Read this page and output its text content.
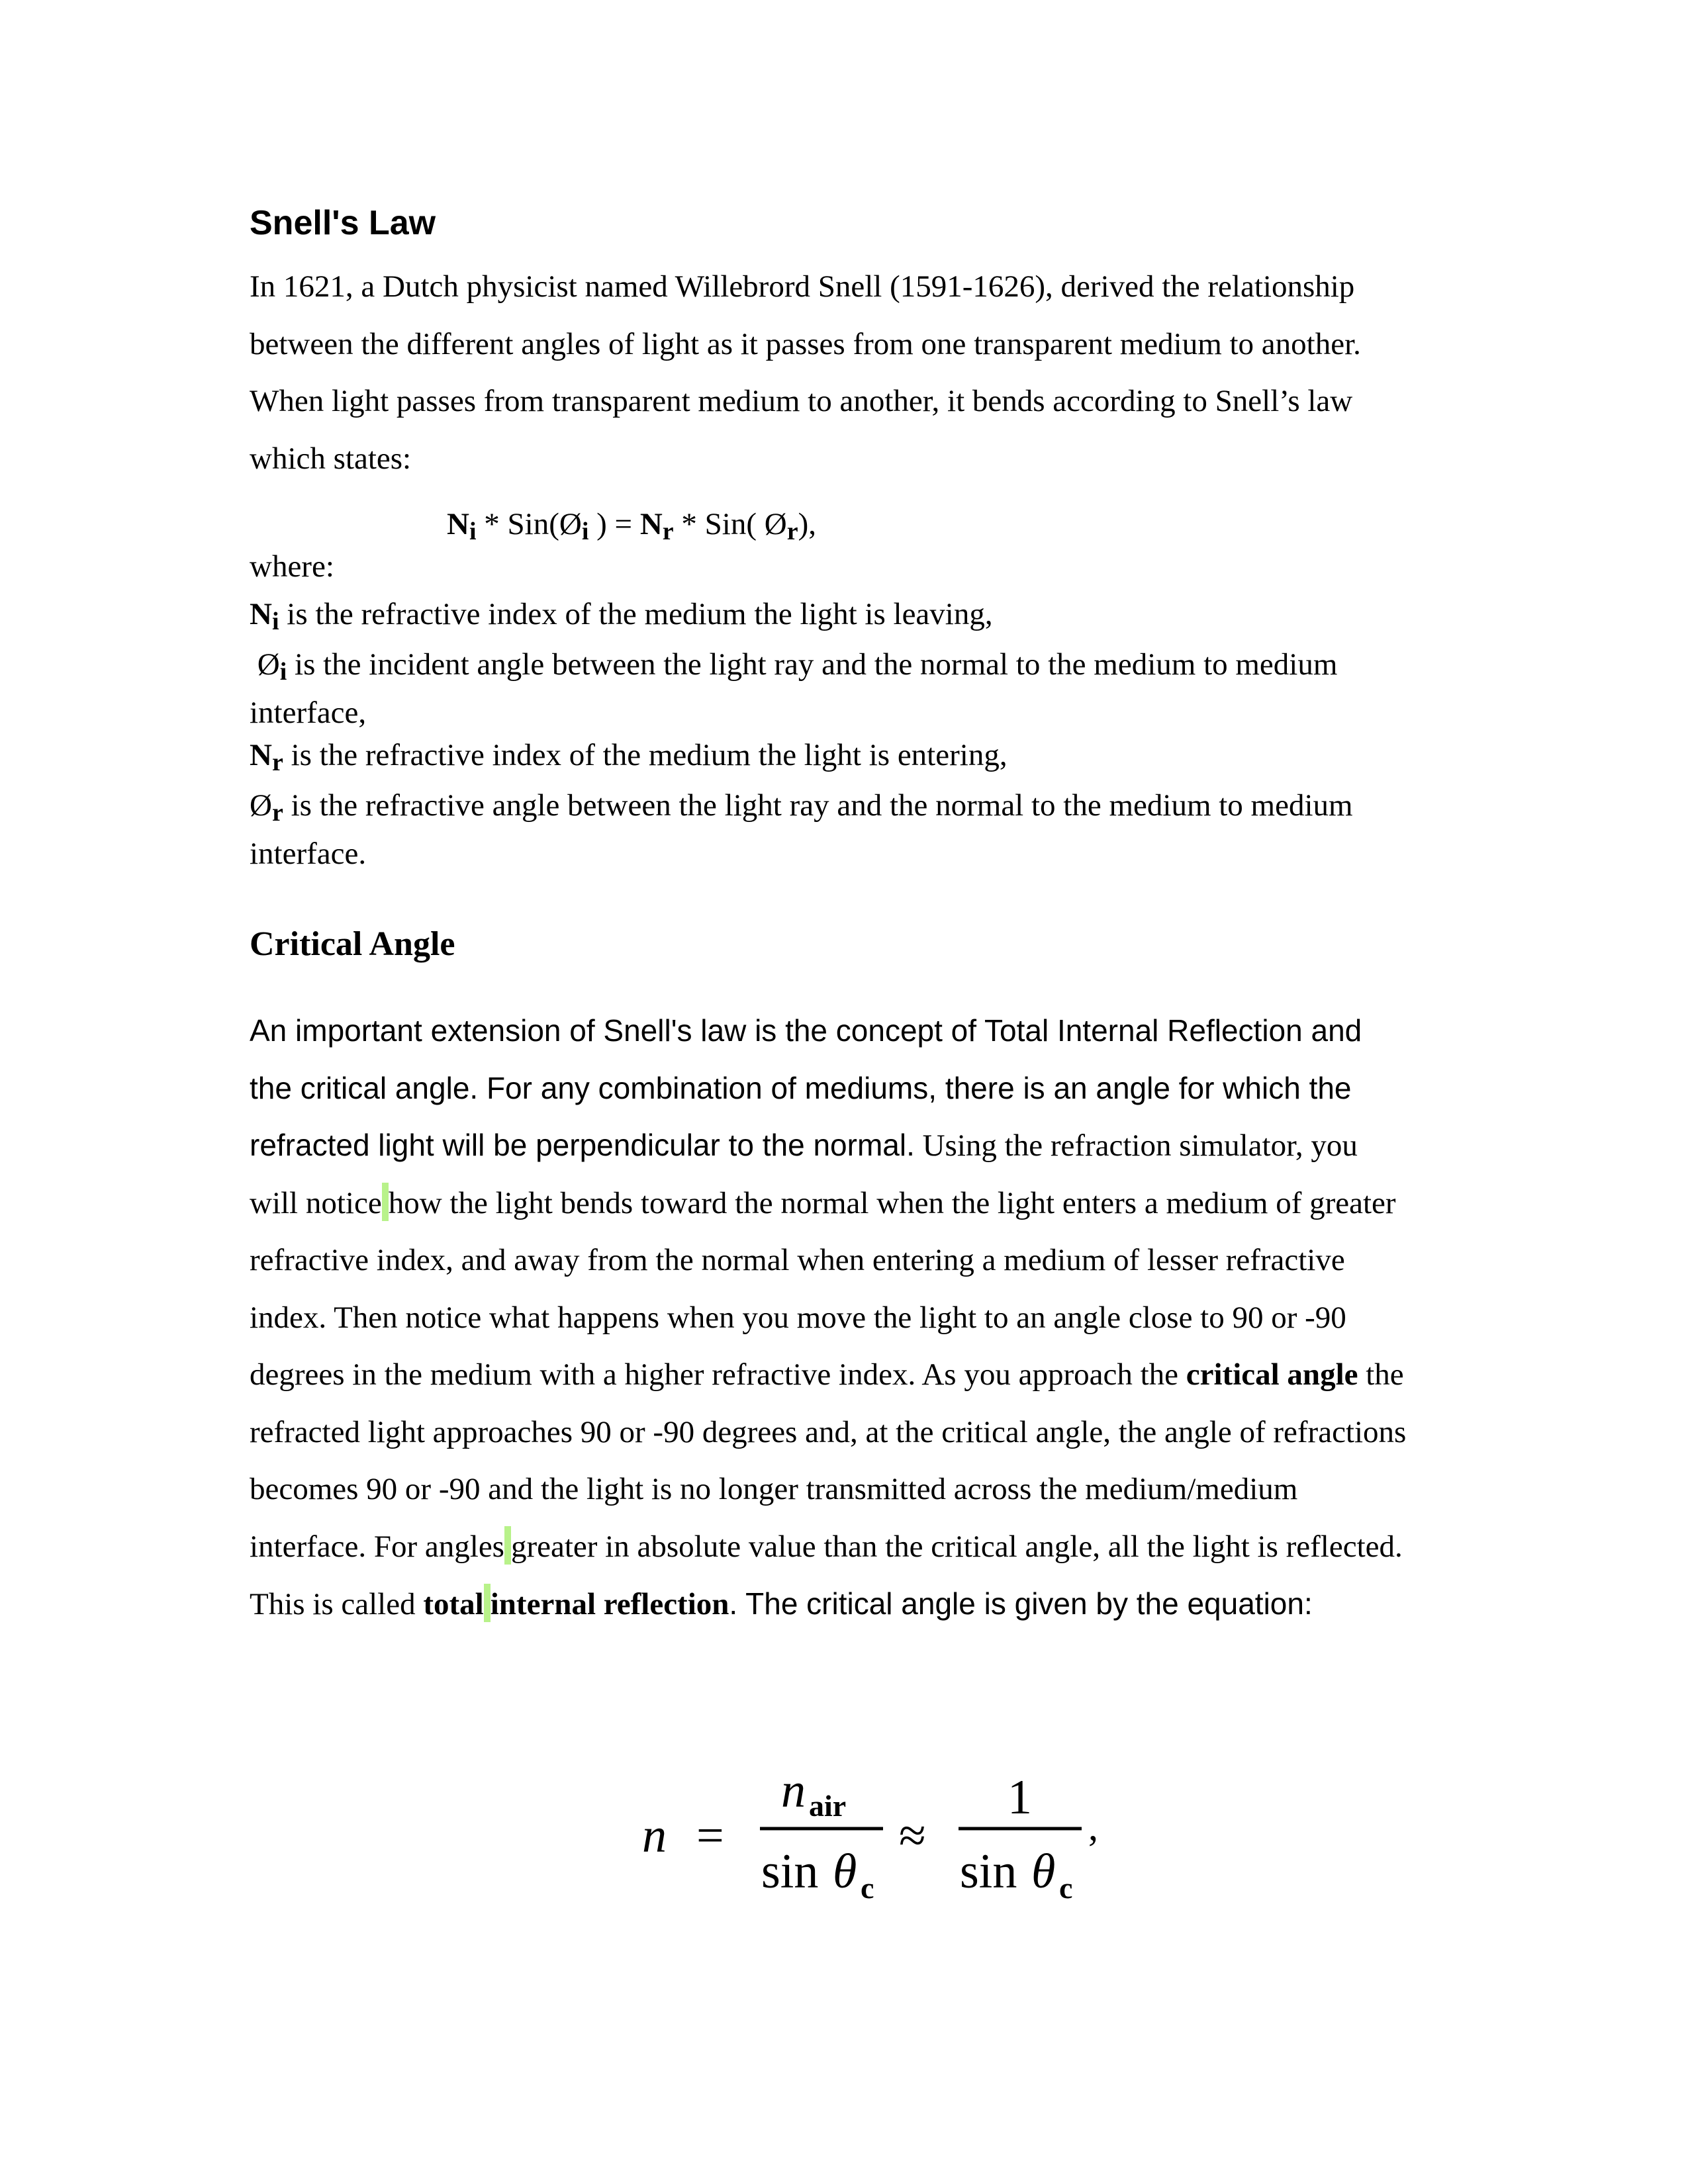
Snell's Law
In 1621, a Dutch physicist named Willebrord Snell (1591-1626), derived the relationship
between the different angles of light as it passes from one transparent medium to another.
When light passes from transparent medium to another, it bends according to Snell’s law
which states:
$N_i$ * $Sin(Ø_i$ ) = $N_r * Sin$( $Ø_r$),
where:
$N_i$ is the refractive index of the medium the light is leaving,
$Ø_i$ is the incident angle between the light ray and the normal to the medium to medium
interface,
$N_r$ is the refractive index of the medium the light is entering,
$Ø_r$ is the refractive angle between the light ray and the normal to the medium to medium
interface.
Critical Angle
An important extension of Snell's law is the concept of Total Internal Reflection and
the critical angle. For any combination of mediums, there is an angle for which the
refracted light will be perpendicular to the normal. Using the refraction simulator, you
will notice how the light bends toward the normal when the light enters a medium of greater
refractive index, and away from the normal when entering a medium of lesser refractive
index. Then notice what happens when you move the light to an angle close to 90 or -90
degrees in the medium with a higher refractive index. As you approach the critical angle the
refracted light approaches 90 or -90 degrees and, at the critical angle, the angle of refractions
becomes 90 or -90 and the light is no longer transmitted across the medium/medium
interface. For angles greater in absolute value than the critical angle, all the light is reflected.
This is called total internal reflection. The critical angle is given by the equation:
n =
n air
sin θ c
≈
1
sin θ c
,
